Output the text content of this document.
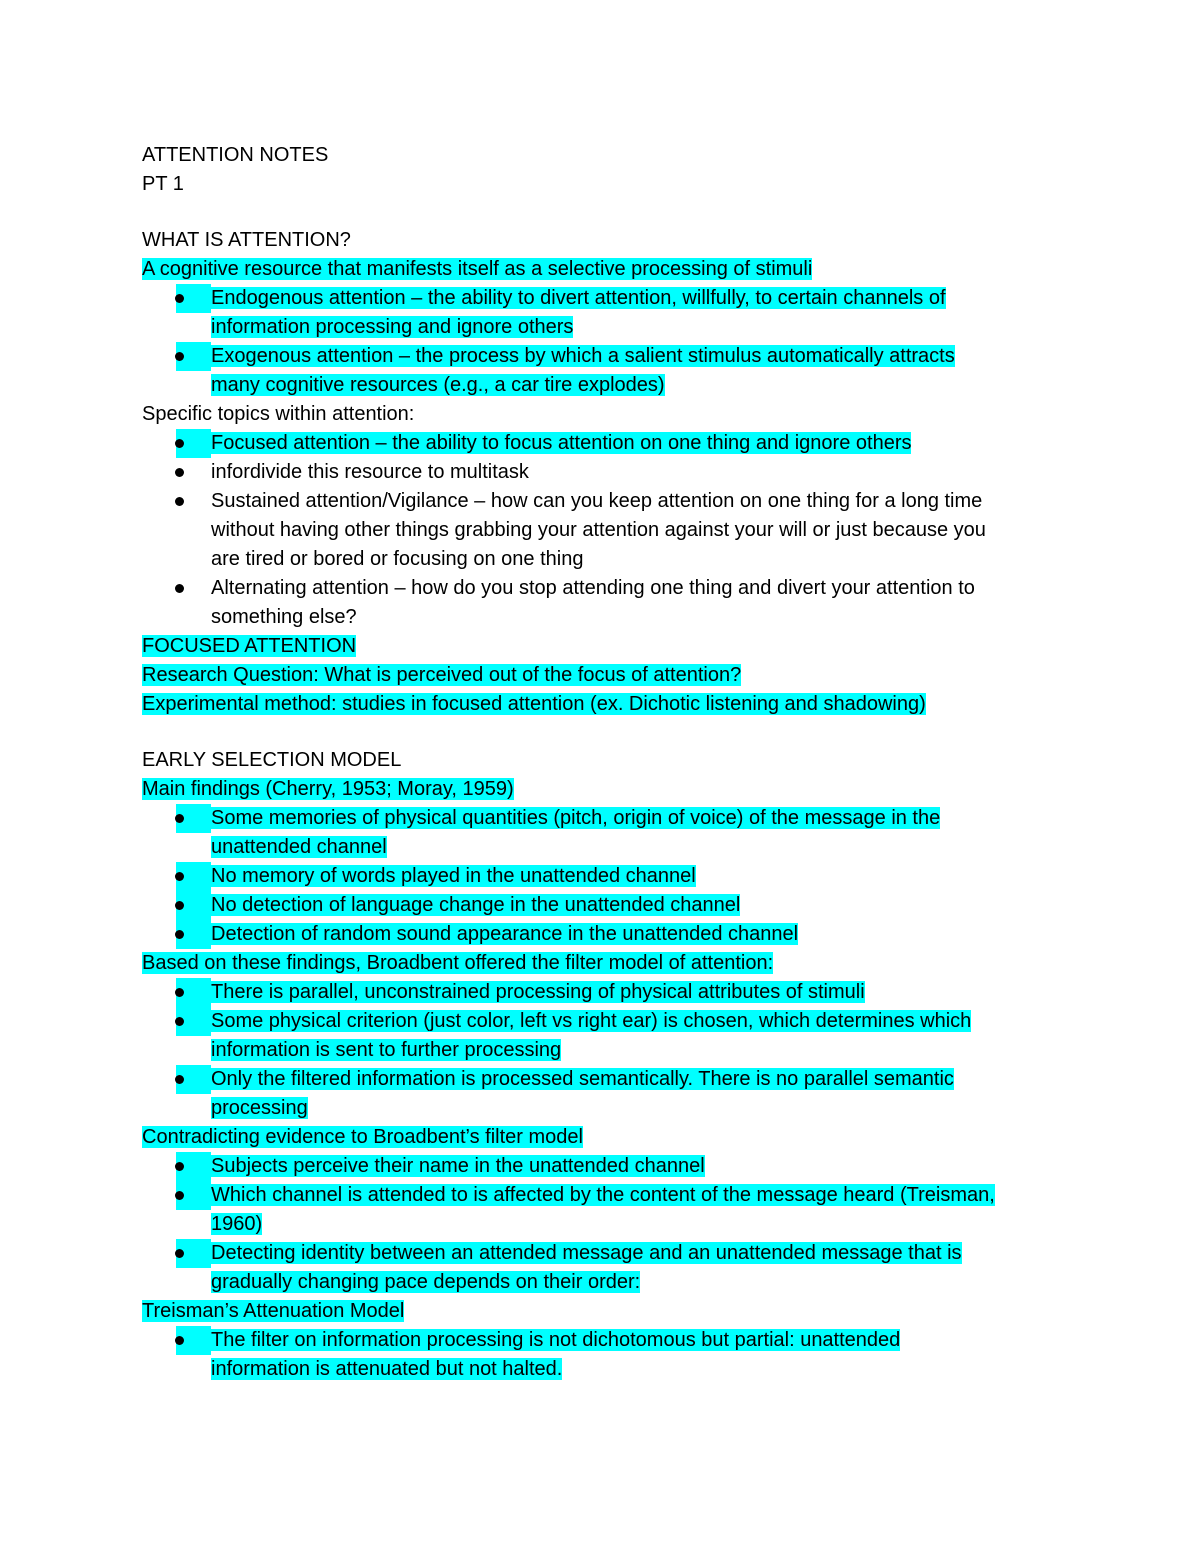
ATTENTION NOTES
PT 1
WHAT IS ATTENTION?
A cognitive resource that manifests itself as a selective processing of stimuli
Endogenous attention – the ability to divert attention, willfully, to certain channels of
information processing and ignore others
Exogenous attention – the process by which a salient stimulus automatically attracts
many cognitive resources (e.g., a car tire explodes)
Specific topics within attention:
Focused attention – the ability to focus attention on one thing and ignore others
infordivide this resource to multitask
Sustained attention/Vigilance – how can you keep attention on one thing for a long time
without having other things grabbing your attention against your will or just because you
are tired or bored or focusing on one thing
Alternating attention – how do you stop attending one thing and divert your attention to
something else?
FOCUSED ATTENTION
Research Question: What is perceived out of the focus of attention?
Experimental method: studies in focused attention (ex. Dichotic listening and shadowing)
EARLY SELECTION MODEL
Main findings (Cherry, 1953; Moray, 1959)
Some memories of physical quantities (pitch, origin of voice) of the message in the
unattended channel
No memory of words played in the unattended channel
No detection of language change in the unattended channel
Detection of random sound appearance in the unattended channel
Based on these findings, Broadbent offered the filter model of attention:
There is parallel, unconstrained processing of physical attributes of stimuli
Some physical criterion (just color, left vs right ear) is chosen, which determines which
information is sent to further processing
Only the filtered information is processed semantically. There is no parallel semantic
processing
Contradicting evidence to Broadbent’s filter model
Subjects perceive their name in the unattended channel
Which channel is attended to is affected by the content of the message heard (Treisman,
1960)
Detecting identity between an attended message and an unattended message that is
gradually changing pace depends on their order:
Treisman’s Attenuation Model
The filter on information processing is not dichotomous but partial: unattended
information is attenuated but not halted.
